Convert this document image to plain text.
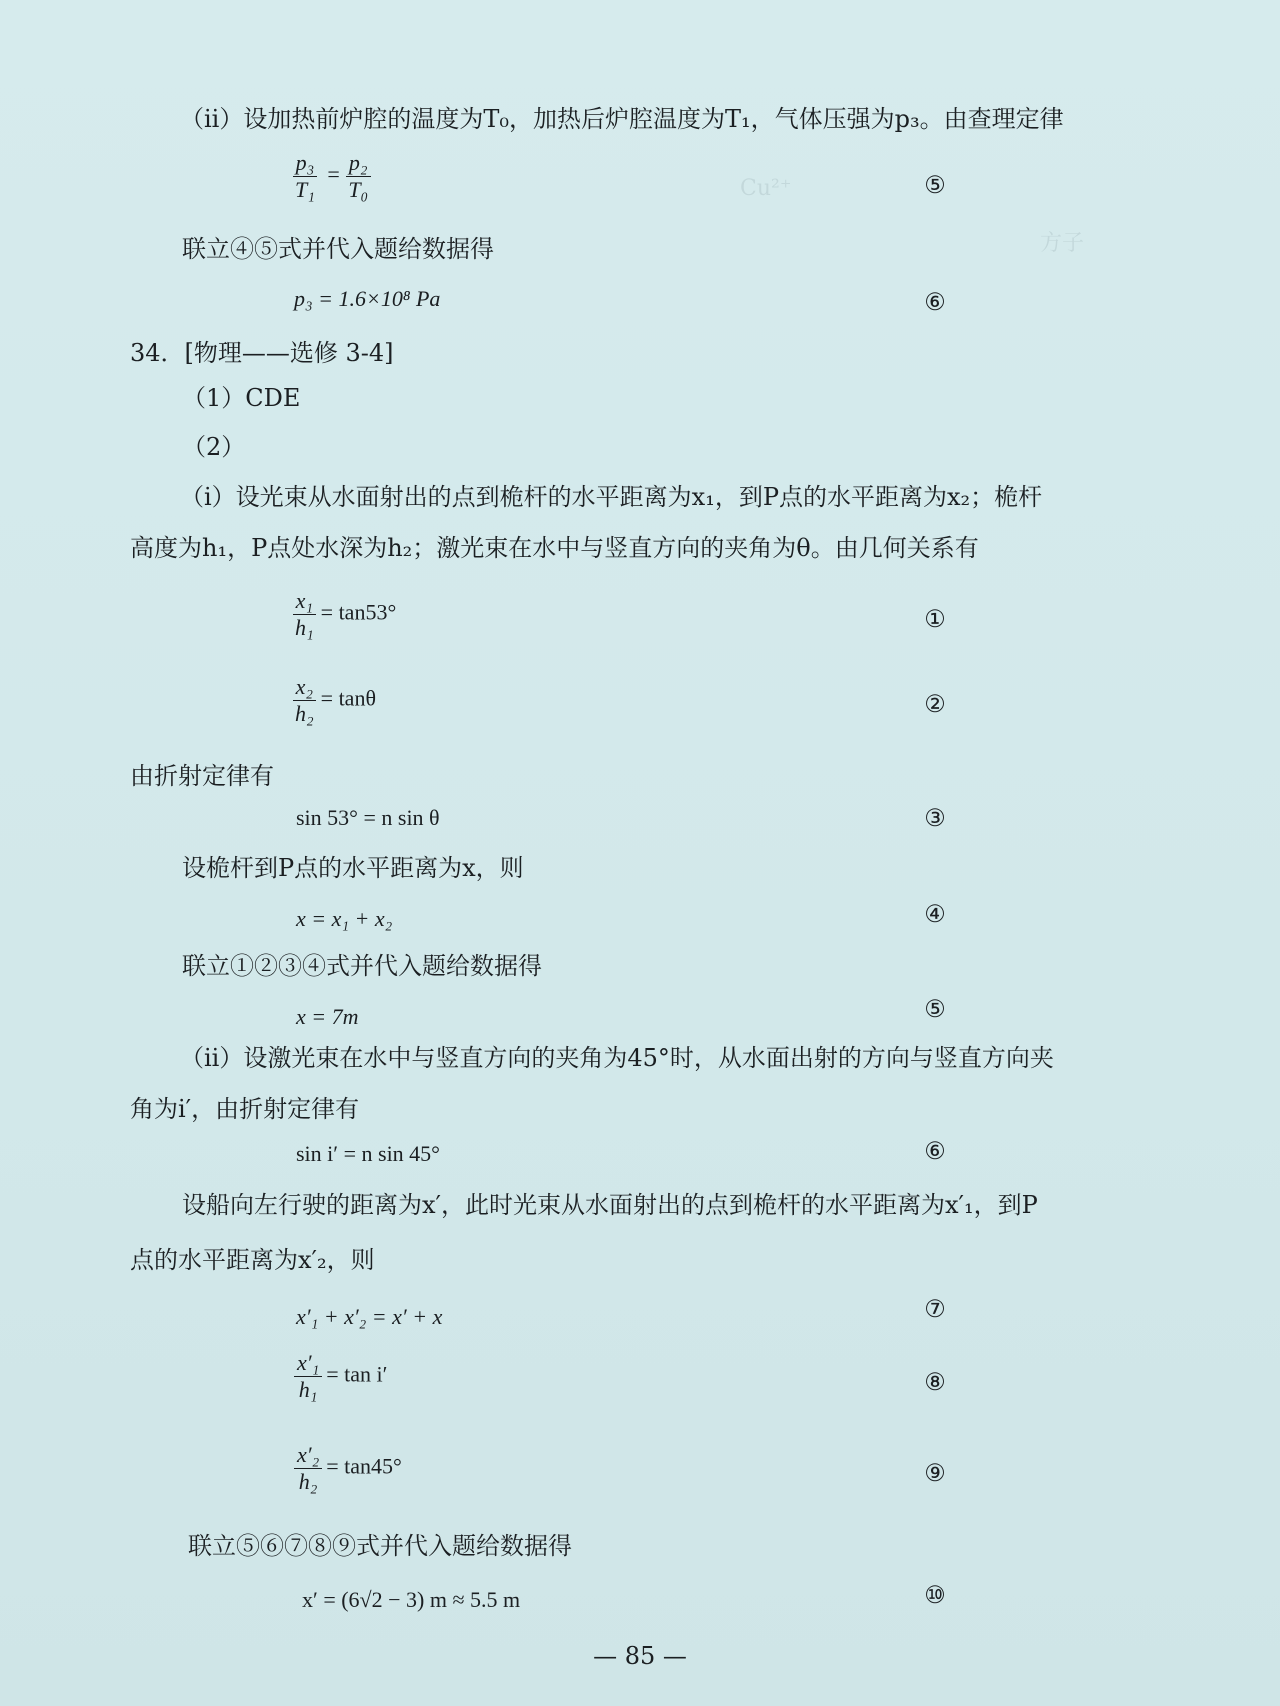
Cu²⁺
方子
（ii）设加热前炉腔的温度为T₀，加热后炉腔温度为T₁，气体压强为p₃。由查理定律
$\frac{\text{p₃}}{\text{T₁}} = \frac{\text{p₂}}{\text{T₀}}$	⑤
联立④⑤式并代入题给数据得
p₃ = 1.6×10⁸ Pa	⑥
34．[物理——选修 3-4]
（1）CDE
（2）
（i）设光束从水面射出的点到桅杆的水平距离为x₁，到P点的水平距离为x₂；桅杆
高度为h₁，P点处水深为h₂；激光束在水中与竖直方向的夹角为θ。由几何关系有
$\frac{\text{x₁}}{\text{h₁}} = \tan 53^\circ$	①
$\frac{\text{x₂}}{\text{h₂}} = \tan\theta$	②
由折射定律有
sin 53° = n sin θ	③
设桅杆到P点的水平距离为x，则
x = x₁ + x₂	④
联立①②③④式并代入题给数据得
x = 7m	⑤
（ii）设激光束在水中与竖直方向的夹角为45°时，从水面出射的方向与竖直方向夹
角为i′，由折射定律有
sin i′ = n sin 45°	⑥
设船向左行驶的距离为x′，此时光束从水面射出的点到桅杆的水平距离为x′₁，到P
点的水平距离为x′₂，则
x′₁ + x′₂ = x′ + x	⑦
$\frac{\text{x′₁}}{\text{h₁}} = \tan i'$	⑧
$\frac{\text{x′₂}}{\text{h₂}} = \tan 45^\circ$	⑨
联立⑤⑥⑦⑧⑨式并代入题给数据得
x′ = (6√2 − 3) m ≈ 5.5 m	⑩
— 85 —
